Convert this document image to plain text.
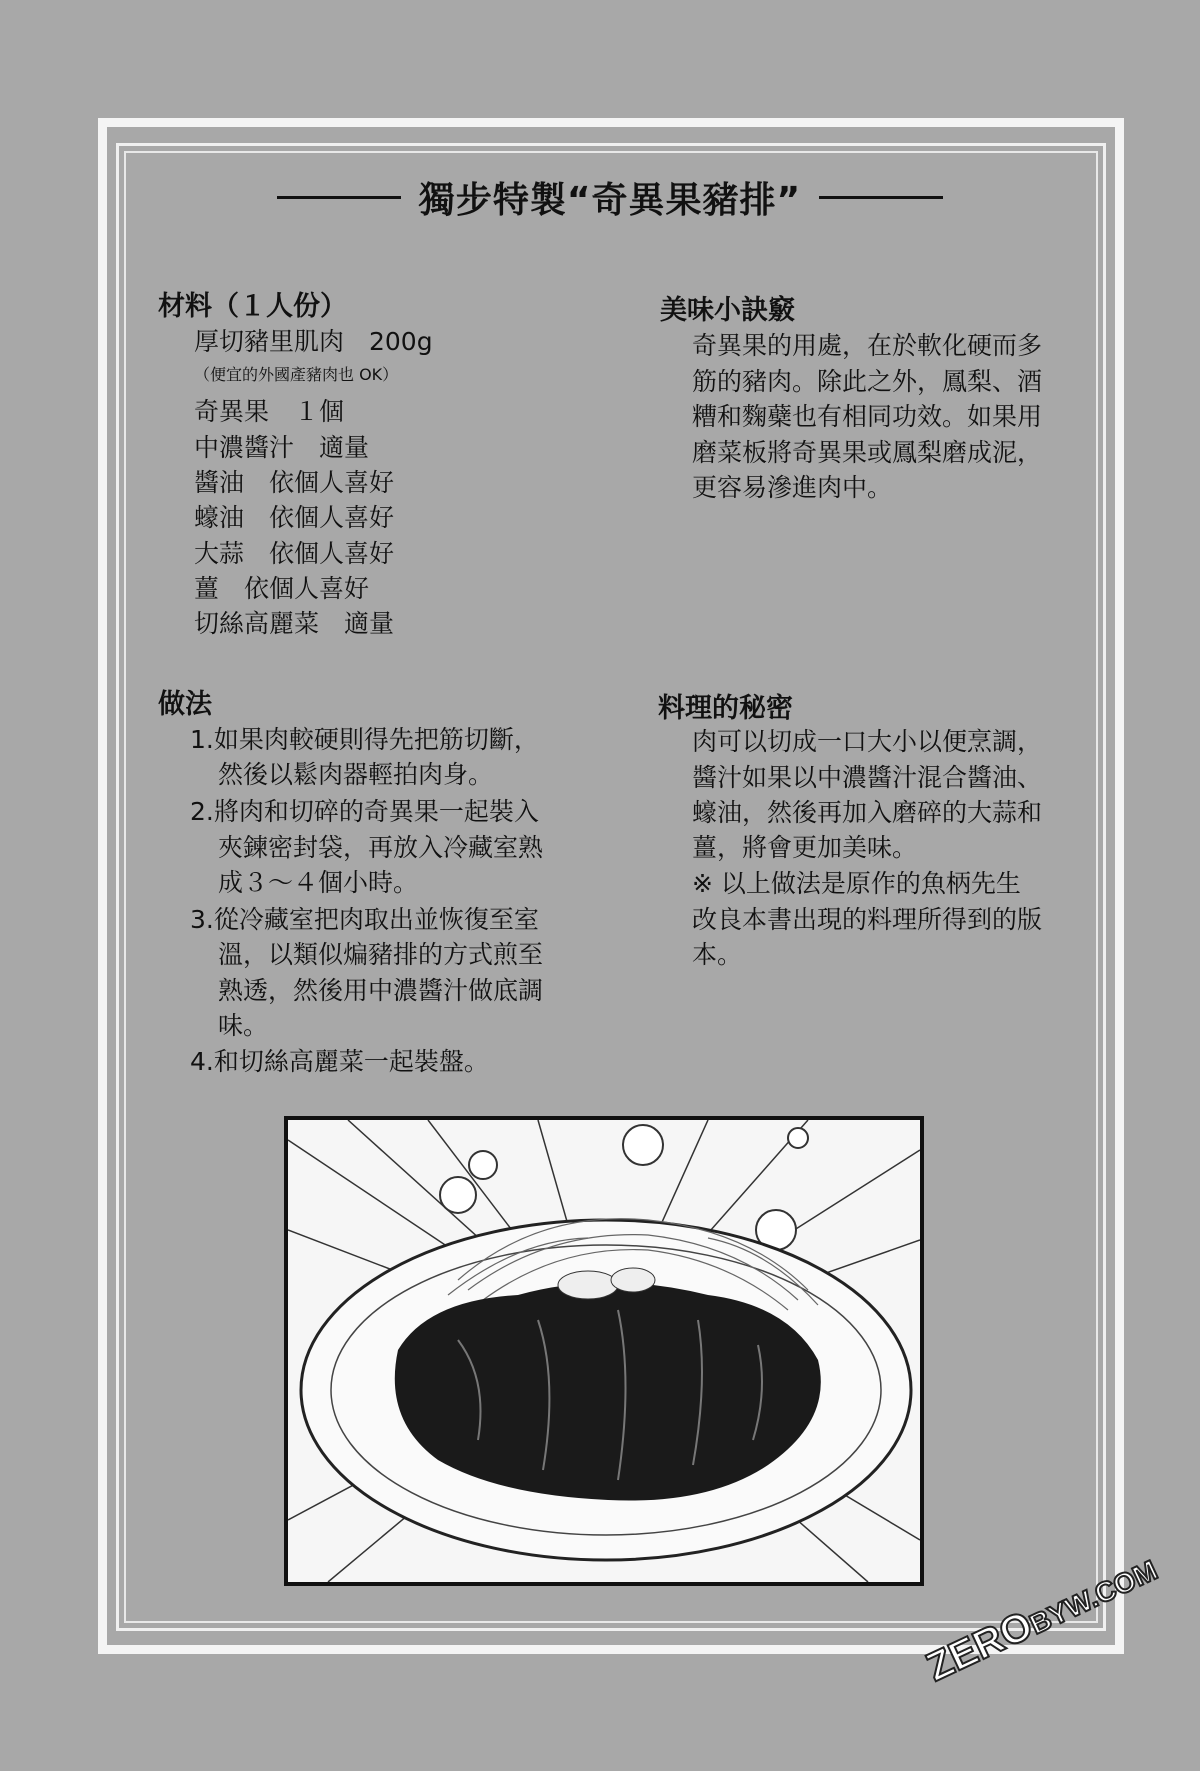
獨步特製“奇異果豬排”
材料（１人份）
厚切豬里肌肉　200g
（便宜的外國產豬肉也 OK）
奇異果　１個
中濃醬汁　適量
醬油　依個人喜好
蠔油　依個人喜好
大蒜　依個人喜好
薑　依個人喜好
切絲高麗菜　適量
美味小訣竅
奇異果的用處，在於軟化硬而多
筋的豬肉。除此之外，鳳梨、酒
糟和麴蘗也有相同功效。如果用
磨菜板將奇異果或鳳梨磨成泥，
更容易滲進肉中。
做法
1.如果肉較硬則得先把筋切斷，
然後以鬆肉器輕拍肉身。
2.將肉和切碎的奇異果一起裝入
夾鍊密封袋，再放入冷藏室熟
成３～４個小時。
3.從冷藏室把肉取出並恢復至室
溫，以類似煸豬排的方式煎至
熟透，然後用中濃醬汁做底調
味。
4.和切絲高麗菜一起裝盤。
料理的秘密
肉可以切成一口大小以便烹調，
醬汁如果以中濃醬汁混合醬油、
蠔油，然後再加入磨碎的大蒜和
薑，將會更加美味。
※ 以上做法是原作的魚柄先生
改良本書出現的料理所得到的版
本。
ZEROBYW.COM
